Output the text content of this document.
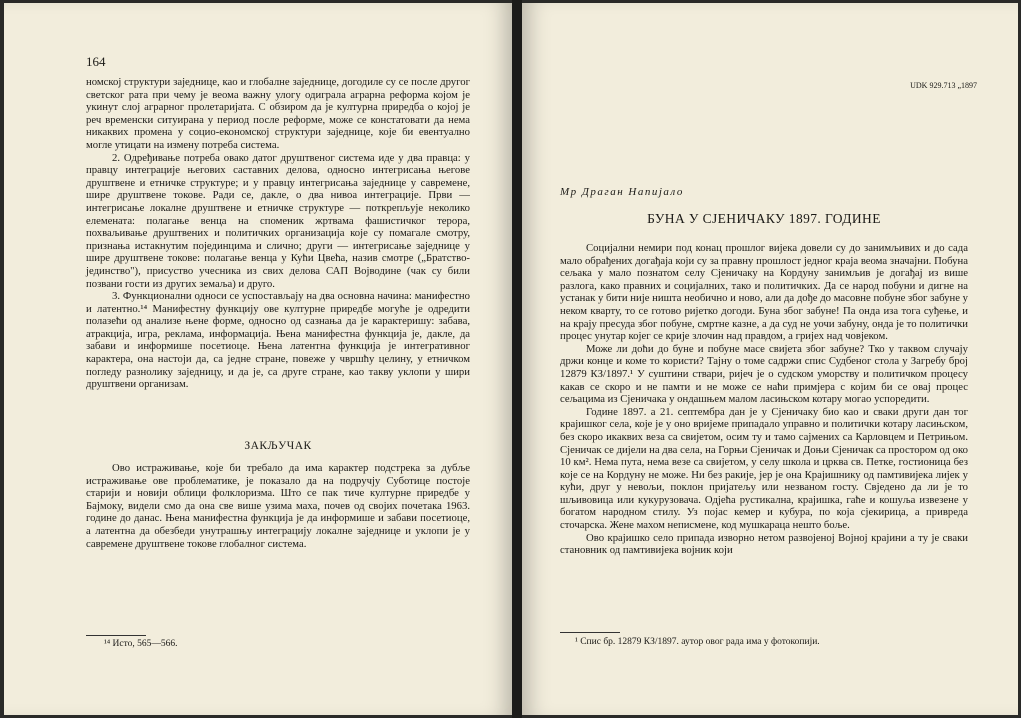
164

номској структури заједнице, као и глобалне заједнице, догодиле су се после другог светског рата при чему је веома важну улогу одиграла аграрна реформа којом је укинут слој аграрног пролетаријата. С обзиром да је културна приредба о којој је реч временски ситуирана у период после реформе, може се констатовати да нема никаквих промена у социо-економској структури заједнице, које би евентуално могле утицати на измену потреба система.

2. Одређивање потреба овако датог друштвеног система иде у два правца: у правцу интеграције његових саставних делова, односно интегрисања његове друштвене и етничке структуре; и у правцу интегрисања заједнице у савремене, шире друштвене токове. Ради се, дакле, о два нивоа интеграције. Први — интегрисање локалне друштвене и етничке структуре — поткрепљује неколико елемената: полагање венца на споменик жртвама фашистичког терора, похваљивање друштвених и политичких организација које су помагале смотру, признања истакнутим појединцима и слично; други — интегрисање заједнице у шире друштвене токове: полагање венца у Кући Цвећа, назив смотре („Братство-јединство"), присуство учесника из свих делова САП Војводине (чак су били позвани гости из других земаља) и друго.

3. Функционални односи се успостављају на два основна начина: манифестно и латентно.¹⁴ Манифестну функцију ове културне приредбе могуће је одредити полазећи од анализе њене форме, односно од сазнања да је карактеришу: забава, атракција, игра, реклама, информација. Њена манифестна функција је, дакле, да забави и информише посетиоце. Њена латентна функција је интегративног карактера, она настоји да, са једне стране, повеже у чвршћу целину, у етничком погледу разнолику заједницу, и да је, са друге стране, као такву уклопи у шири друштвени организам.

ЗАКЉУЧАК

Ово истраживање, које би требало да има карактер подстрека за дубље истраживање ове проблематике, је показало да на подручју Суботице постоје старији и новији облици фолклоризма. Што се пак тиче културне приредбе у Бајмоку, видели смо да она све више узима маха, почев од својих почетака 1963. године до данас. Њена манифестна функција је да информише и забави посетиоце, а латентна да обезбеди унутрашњу интеграцију локалне заједнице и уклопи је у савремене друштвене токове глобалног система.

¹⁴ Исто, 565—566.
UDK 929.713 „1897
Мр Драган Напијало
БУНА У СЈЕНИЧАКУ 1897. ГОДИНЕ

Социјални немири под конац прошлог вијека довели су до занимљивих и до сада мало обрађених догађаја који су за правну прошлост једног краја веома значајни. Побуна сељака у мало познатом селу Сјеничаку на Кордуну занимљив је догађај из више разлога, како правних и социјалних, тако и политичких. Да се народ побуни и дигне на устанак у бити није ништа необично и ново, али да дође до масовне побуне због забуне у неком кварту, то се готово ријетко догоди. Буна због забуне! Па онда иза тога суђење, и на крају пресуда због побуне, смртне казне, а да суд не уочи забуну, онда је то политички процес унутар којег се крије злочин над правдом, а гријех над човјеком.

Може ли доћи до буне и побуне масе свијета због забуне? Тко у таквом случају држи конце и коме то користи? Тајну о томе садржи спис Судбеног стола у Загребу број 12879 КЗ/1897.¹ У суштини ствари, ријеч је о судском уморству и политичком процесу какав се скоро и не памти и не може се наћи примјера с којим би се овај процес сељацима из Сјеничака у ондашњем малом ласињском котару могао успоредити.

Године 1897. а 21. септембра дан је у Сјеничаку био као и сваки други дан тог крајишког села, које је у оно вријеме припадало управно и политички котару ласињском, без скоро икаквих веза са свијетом, осим ту и тамо сајмених са Карловцем и Петрињом. Сјеничак се дијели на два села, на Горњи Сјеничак и Доњи Сјеничак са простором од око 10 км². Нема пута, нема везе са свијетом, у селу школа и црква св. Петке, гостионица без које се на Кордуну не може. Ни без ракије, јер је она Крајишнику од памтивијека лијек у кући, друг у невољи, поклон пријатељу или незваном госту. Свједено да ли је то шљивовица или кукурузовача. Одјећа рустикална, крајишка, гаће и кошуља извезене у богатом народном стилу. Уз појас кемер и кубура, по која сјекирица, а привреда сточарска. Жене махом неписмене, код мушкараца нешто боље.

Ово крајишко село припада изворно нетом развојеној Војној крајини а ту је сваки становник од памтивијека војник који

¹ Спис бр. 12879 КЗ/1897. аутор овог рада има у фотокопији.
